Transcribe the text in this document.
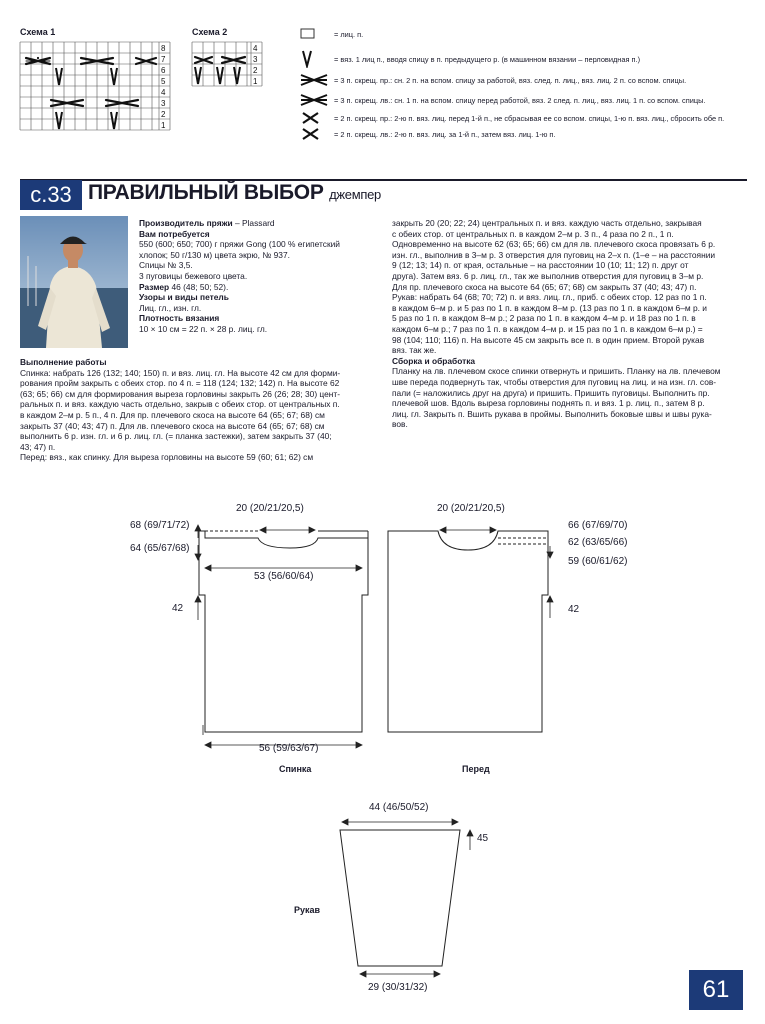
Схема 1	Схема 2
8
7
6
5
4
3
2
1
4
3
2
1
= лиц. п.
= вяз. 1 лиц п., вводя спицу в п. предыдущего р. (в машинном вязании – перловидная п.)
= 3 п. скрещ. пр.: сн. 2 п. на вспом. спицу за работой, вяз. след. п. лиц., вяз. лиц. 2 п. со вспом. спицы.
= 3 п. скрещ. лв.: сн. 1 п. на вспом. спицу перед работой, вяз. 2 след. п. лиц., вяз. лиц. 1 п. со вспом. спицы.
= 2 п. скрещ. пр.: 2-ю п. вяз. лиц. перед 1-й п., не сбрасывая ее со вспом. спицы, 1-ю п. вяз. лиц., сбросить обе п.
= 2 п. скрещ. лв.: 2-ю п. вяз. лиц. за 1-й п., затем вяз. лиц. 1-ю п.
с.33 ПРАВИЛЬНЫЙ ВЫБОР джемпер
Производитель пряжи – Plassard
Вам потребуется
550 (600; 650; 700) г пряжи Gong (100 % египетский
хлопок; 50 г/130 м) цвета экрю, № 937.
Спицы № 3,5.
3 пуговицы бежевого цвета.
Размер 46 (48; 50; 52).
Узоры и виды петель
Лиц. гл., изн. гл.
Плотность вязания
10 × 10 см = 22 п. × 28 р. лиц. гл.
Выполнение работы
Спинка: набрать 126 (132; 140; 150) п. и вяз. лиц. гл. На высоте 42 см для форми-
рования пройм закрыть с обеих стор. по 4 п. = 118 (124; 132; 142) п. На высоте 62
(63; 65; 66) см для формирования выреза горловины закрыть 26 (26; 28; 30) цент-
ральных п. и вяз. каждую часть отдельно, закрыв с обеих стор. от центральных п.
в каждом 2–м р. 5 п., 4 п. Для пр. плечевого скоса на высоте 64 (65; 67; 68) см
закрыть 37 (40; 43; 47) п. Для лв. плечевого скоса на высоте 64 (65; 67; 68) см
выполнить 6 р. изн. гл. и 6 р. лиц. гл. (= планка застежки), затем закрыть 37 (40;
43; 47) п.
Перед: вяз., как спинку. Для выреза горловины на высоте 59 (60; 61; 62) см
закрыть 20 (20; 22; 24) центральных п. и вяз. каждую часть отдельно, закрывая
с обеих стор. от центральных п. в каждом 2–м р. 3 п., 4 раза по 2 п., 1 п.
Одновременно на высоте 62 (63; 65; 66) см для лв. плечевого скоса провязать 6 р.
изн. гл., выполнив в 3–м р. 3 отверстия для пуговиц на 2–х п. (1–е – на расстоянии
9 (12; 13; 14) п. от края, остальные – на расстоянии 10 (10; 11; 12) п. друг от
друга). Затем вяз. 6 р. лиц. гл., так же выполнив отверстия для пуговиц в 3–м р.
Для пр. плечевого скоса на высоте 64 (65; 67; 68) см закрыть 37 (40; 43; 47) п.
Рукав: набрать 64 (68; 70; 72) п. и вяз. лиц. гл., приб. с обеих стор. 12 раз по 1 п.
в каждом 6–м р. и 5 раз по 1 п. в каждом 8–м р. (13 раз по 1 п. в каждом 6–м р. и
5 раз по 1 п. в каждом 8–м р.; 2 раза по 1 п. в каждом 4–м р. и 18 раз по 1 п. в
каждом 6–м р.; 7 раз по 1 п. в каждом 4–м р. и 15 раз по 1 п. в каждом 6–м р.) =
98 (104; 110; 116) п. На высоте 45 см закрыть все п. в один прием. Второй рукав
вяз. так же.
Сборка и обработка
Планку на лв. плечевом скосе спинки отвернуть и пришить. Планку на лв. плечевом
шве переда подвернуть так, чтобы отверстия для пуговиц на лиц. и на изн. гл. сов-
пали (= наложились друг на друга) и пришить. Пришить пуговицы. Выполнить пр.
плечевой шов. Вдоль выреза горловины поднять п. и вяз. 1 р. лиц. п., затем 8 р.
лиц. гл. Закрыть п. Вшить рукава в проймы. Выполнить боковые швы и швы рука-
вов.
20 (20/21/20,5)
68 (69/71/72)
64 (65/67/68)
53 (56/60/64)
42
56 (59/63/67)
Спинка
20 (20/21/20,5)
66 (67/69/70)
62 (63/65/66)
59 (60/61/62)
42
Перед
44 (46/50/52)
45
29 (30/31/32)
Рукав
61
